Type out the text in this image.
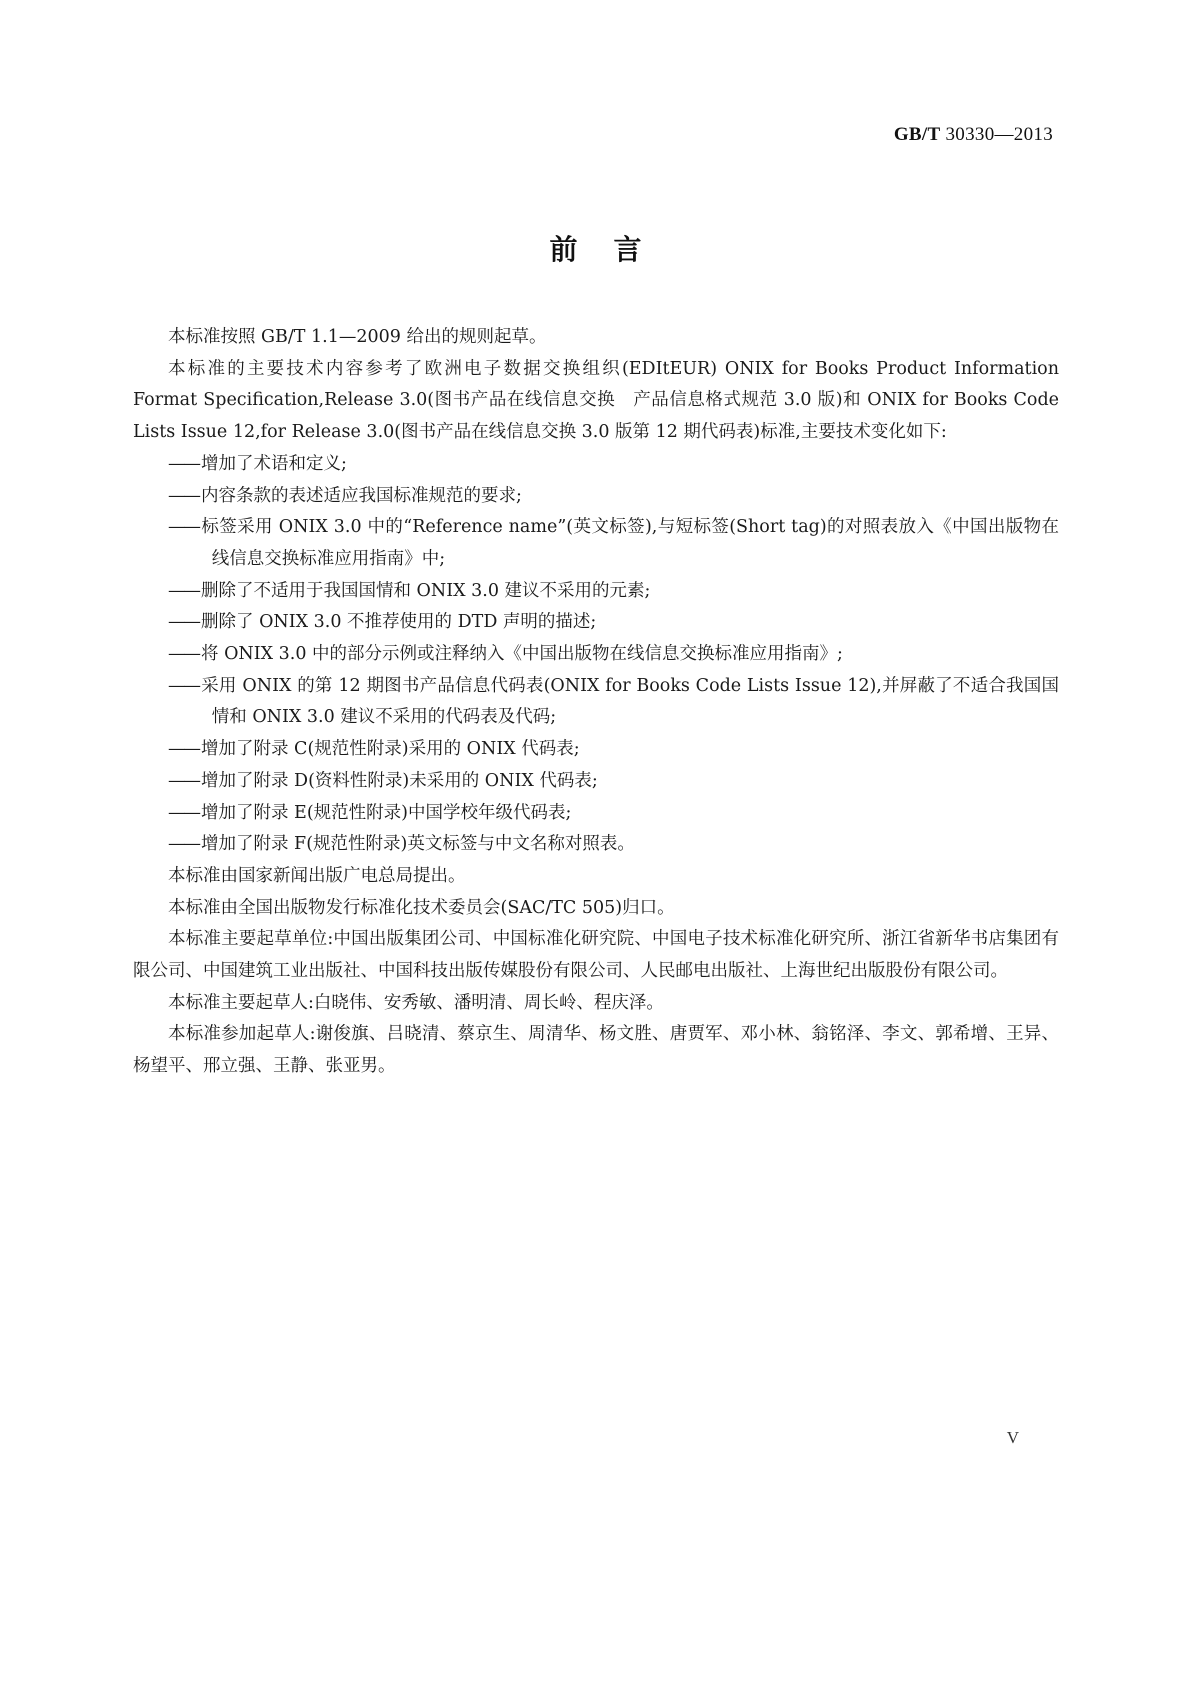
GB/T 30330—2013
前言

本标准按照 GB/T 1.1—2009 给出的规则起草。

本标准的主要技术内容参考了欧洲电子数据交换组织(EDItEUR) ONIX for Books Product Information Format Specification,Release 3.0(图书产品在线信息交换　产品信息格式规范 3.0 版)和 ONIX for Books Code Lists Issue 12,for Release 3.0(图书产品在线信息交换 3.0 版第 12 期代码表)标准,主要技术变化如下:

—— 增加了术语和定义;
—— 内容条款的表述适应我国标准规范的要求;
—— 标签采用 ONIX 3.0 中的“Reference name”(英文标签),与短标签(Short tag)的对照表放入《中国出版物在线信息交换标准应用指南》中;
—— 删除了不适用于我国国情和 ONIX 3.0 建议不采用的元素;
—— 删除了 ONIX 3.0 不推荐使用的 DTD 声明的描述;
—— 将 ONIX 3.0 中的部分示例或注释纳入《中国出版物在线信息交换标准应用指南》;
—— 采用 ONIX 的第 12 期图书产品信息代码表(ONIX for Books Code Lists Issue 12),并屏蔽了不适合我国国情和 ONIX 3.0 建议不采用的代码表及代码;
—— 增加了附录 C(规范性附录)采用的 ONIX 代码表;
—— 增加了附录 D(资料性附录)未采用的 ONIX 代码表;
—— 增加了附录 E(规范性附录)中国学校年级代码表;
—— 增加了附录 F(规范性附录)英文标签与中文名称对照表。

本标准由国家新闻出版广电总局提出。

本标准由全国出版物发行标准化技术委员会(SAC/TC 505)归口。

本标准主要起草单位:中国出版集团公司、中国标准化研究院、中国电子技术标准化研究所、浙江省新华书店集团有限公司、中国建筑工业出版社、中国科技出版传媒股份有限公司、人民邮电出版社、上海世纪出版股份有限公司。

本标准主要起草人:白晓伟、安秀敏、潘明清、周长岭、程庆泽。

本标准参加起草人:谢俊旗、吕晓清、蔡京生、周清华、杨文胜、唐贾军、邓小林、翁铭泽、李文、郭希增、王异、杨望平、邢立强、王静、张亚男。

V
